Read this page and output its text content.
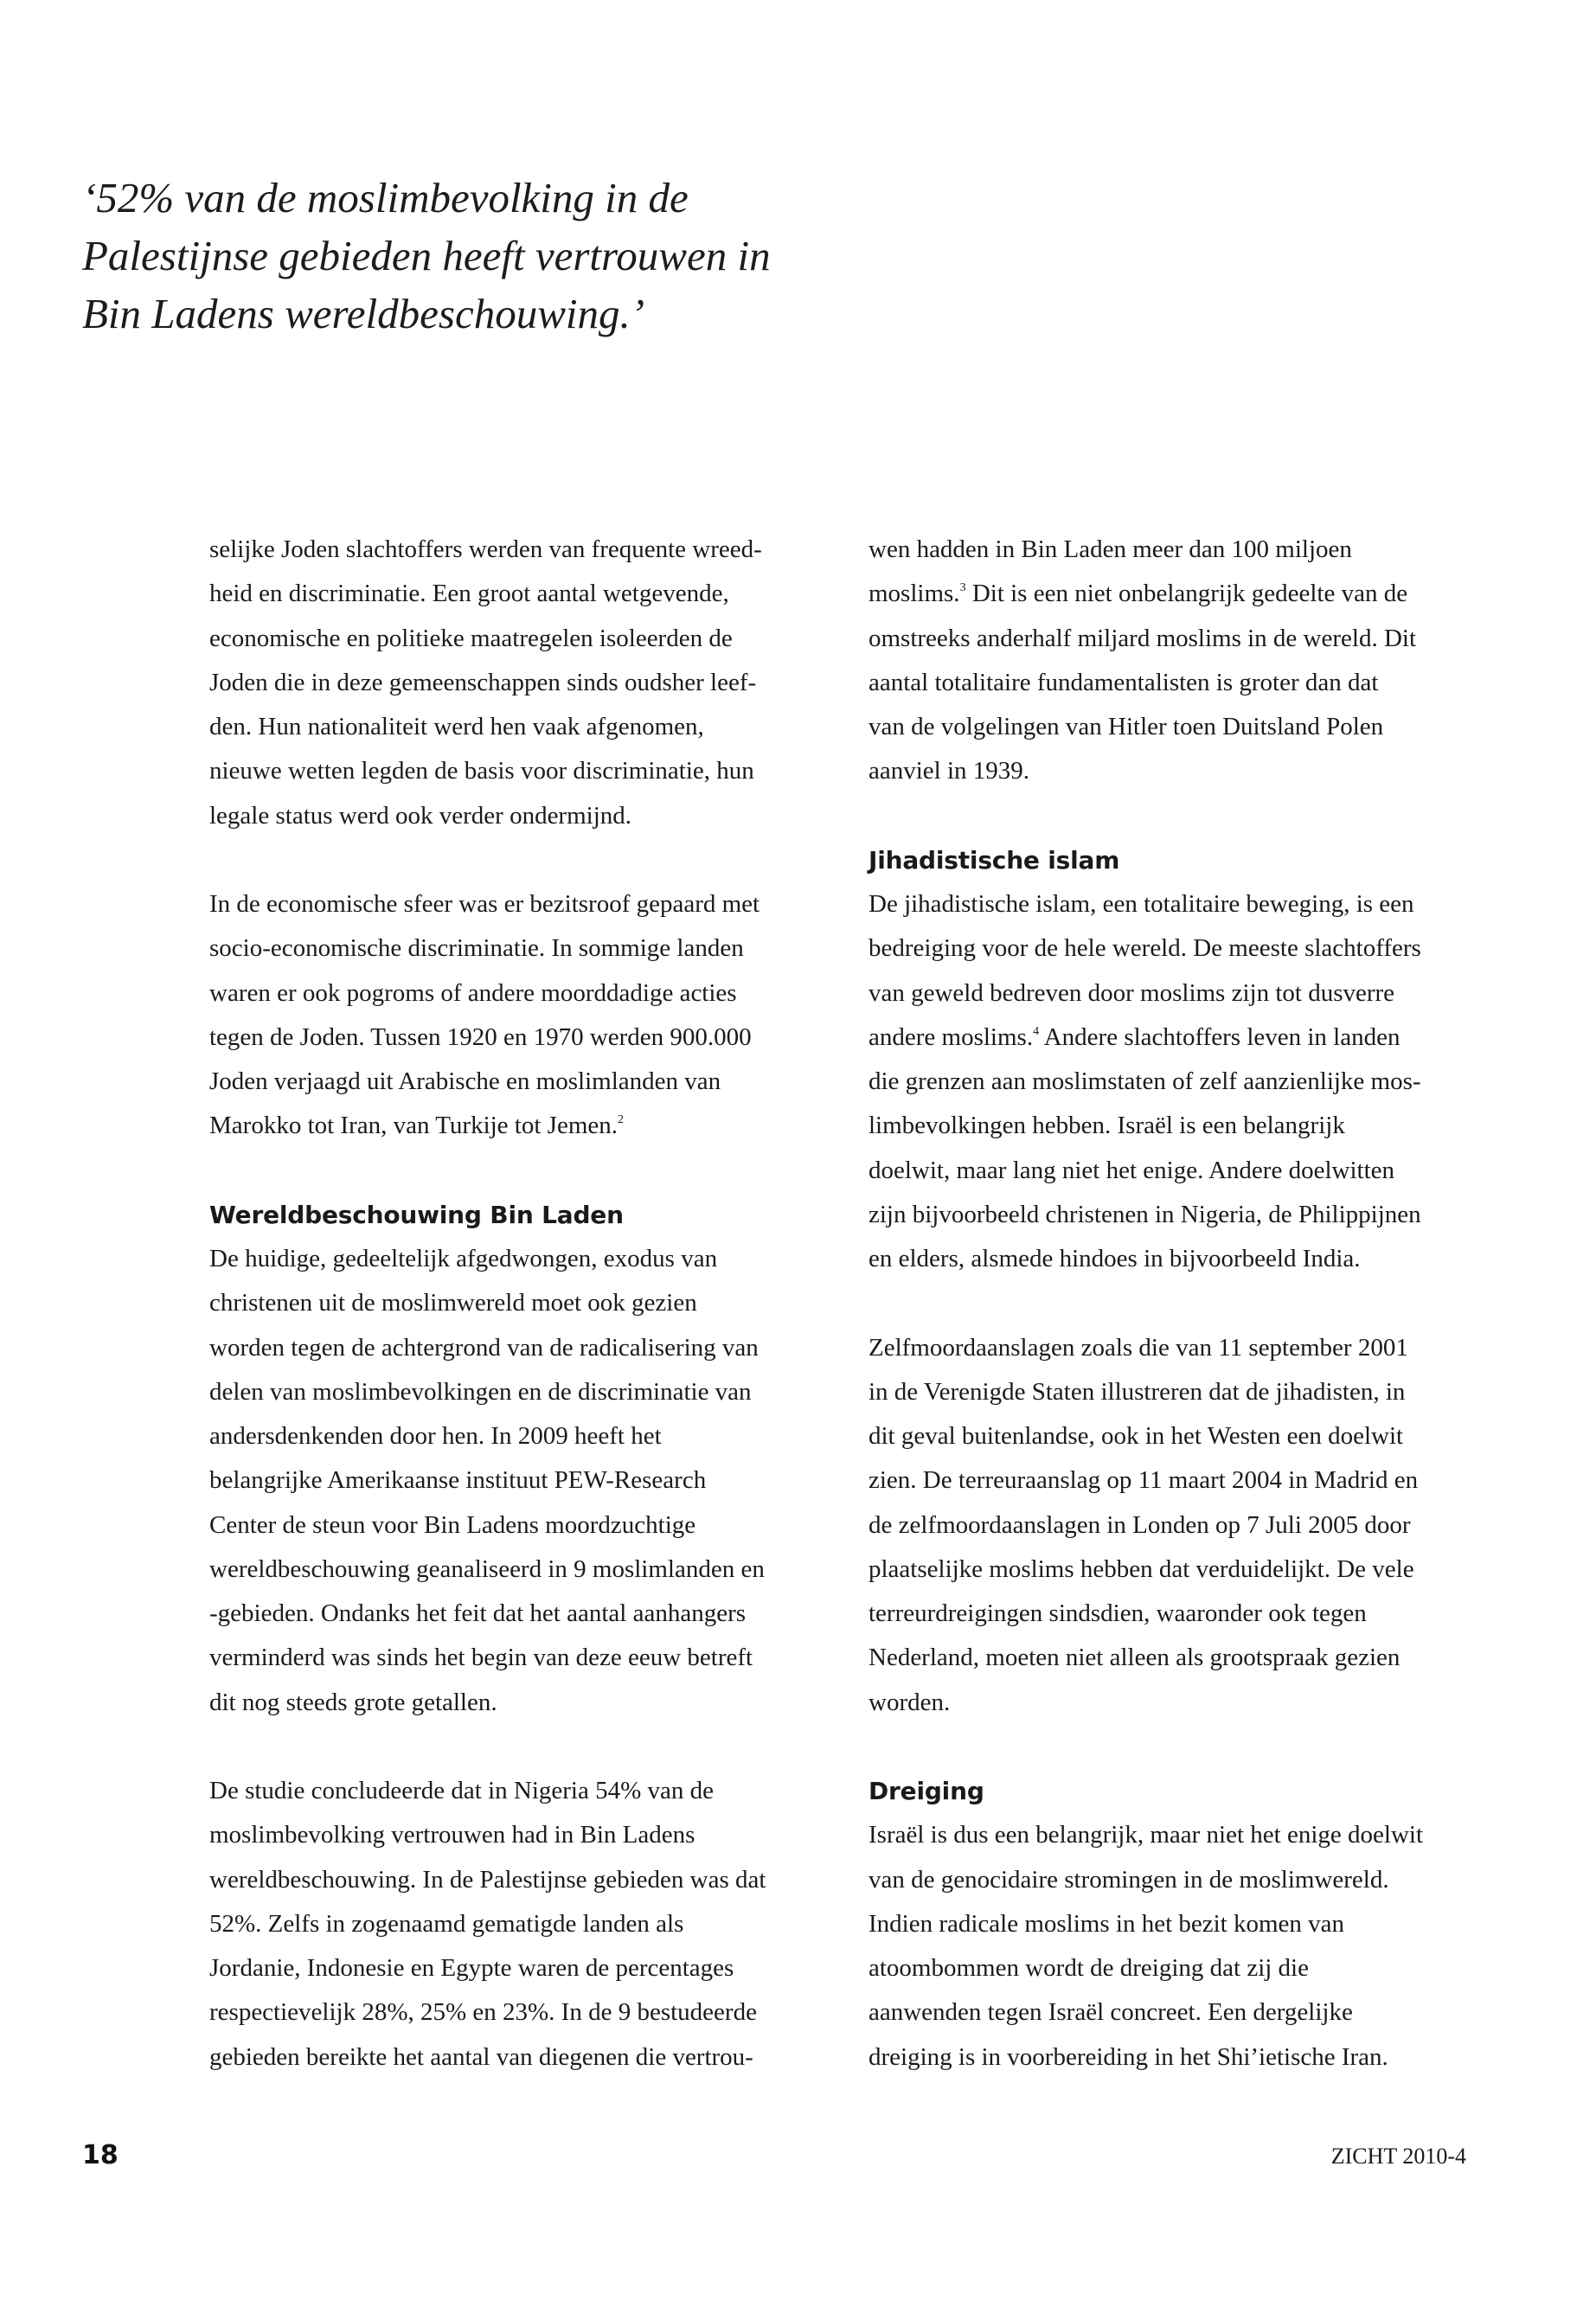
‘52% van de moslimbevolking in de
Palestijnse gebieden heeft vertrouwen in
Bin Ladens wereldbeschouwing.’
selijke Joden slachtoffers werden van frequente wreed-
heid en discriminatie. Een groot aantal wetgevende,
economische en politieke maatregelen isoleerden de
Joden die in deze gemeenschappen sinds oudsher leef-
den. Hun nationaliteit werd hen vaak afgenomen,
nieuwe wetten legden de basis voor discriminatie, hun
legale status werd ook verder ondermijnd.
In de economische sfeer was er bezitsroof gepaard met
socio-economische discriminatie. In sommige landen
waren er ook pogroms of andere moorddadige acties
tegen de Joden. Tussen 1920 en 1970 werden 900.000
Joden verjaagd uit Arabische en moslimlanden van
Marokko tot Iran, van Turkije tot Jemen.$^2$
Wereldbeschouwing Bin Laden
De huidige, gedeeltelijk afgedwongen, exodus van
christenen uit de moslimwereld moet ook gezien
worden tegen de achtergrond van de radicalisering van
delen van moslimbevolkingen en de discriminatie van
andersdenkenden door hen. In 2009 heeft het
belangrijke Amerikaanse instituut PEW-Research
Center de steun voor Bin Ladens moordzuchtige
wereldbeschouwing geanaliseerd in 9 moslimlanden en
-gebieden. Ondanks het feit dat het aantal aanhangers
verminderd was sinds het begin van deze eeuw betreft
dit nog steeds grote getallen.
De studie concludeerde dat in Nigeria 54% van de
moslimbevolking vertrouwen had in Bin Ladens
wereldbeschouwing. In de Palestijnse gebieden was dat
52%. Zelfs in zogenaamd gematigde landen als
Jordanie, Indonesie en Egypte waren de percentages
respectievelijk 28%, 25% en 23%. In de 9 bestudeerde
gebieden bereikte het aantal van diegenen die vertrou-
wen hadden in Bin Laden meer dan 100 miljoen
moslims.$^3$ Dit is een niet onbelangrijk gedeelte van de
omstreeks anderhalf miljard moslims in de wereld. Dit
aantal totalitaire fundamentalisten is groter dan dat
van de volgelingen van Hitler toen Duitsland Polen
aanviel in 1939.
Jihadistische islam
De jihadistische islam, een totalitaire beweging, is een
bedreiging voor de hele wereld. De meeste slachtoffers
van geweld bedreven door moslims zijn tot dusverre
andere moslims.$^4$ Andere slachtoffers leven in landen
die grenzen aan moslimstaten of zelf aanzienlijke mos-
limbevolkingen hebben. Israël is een belangrijk
doelwit, maar lang niet het enige. Andere doelwitten
zijn bijvoorbeeld christenen in Nigeria, de Philippijnen
en elders, alsmede hindoes in bijvoorbeeld India.
Zelfmoordaanslagen zoals die van 11 september 2001
in de Verenigde Staten illustreren dat de jihadisten, in
dit geval buitenlandse, ook in het Westen een doelwit
zien. De terreuraanslag op 11 maart 2004 in Madrid en
de zelfmoordaanslagen in Londen op 7 Juli 2005 door
plaatselijke moslims hebben dat verduidelijkt. De vele
terreurdreigingen sindsdien, waaronder ook tegen
Nederland, moeten niet alleen als grootspraak gezien
worden.
Dreiging
Israël is dus een belangrijk, maar niet het enige doelwit
van de genocidaire stromingen in de moslimwereld.
Indien radicale moslims in het bezit komen van
atoombommen wordt de dreiging dat zij die
aanwenden tegen Israël concreet. Een dergelijke
dreiging is in voorbereiding in het Shi’ietische Iran.
18	ZICHT 2010-4
